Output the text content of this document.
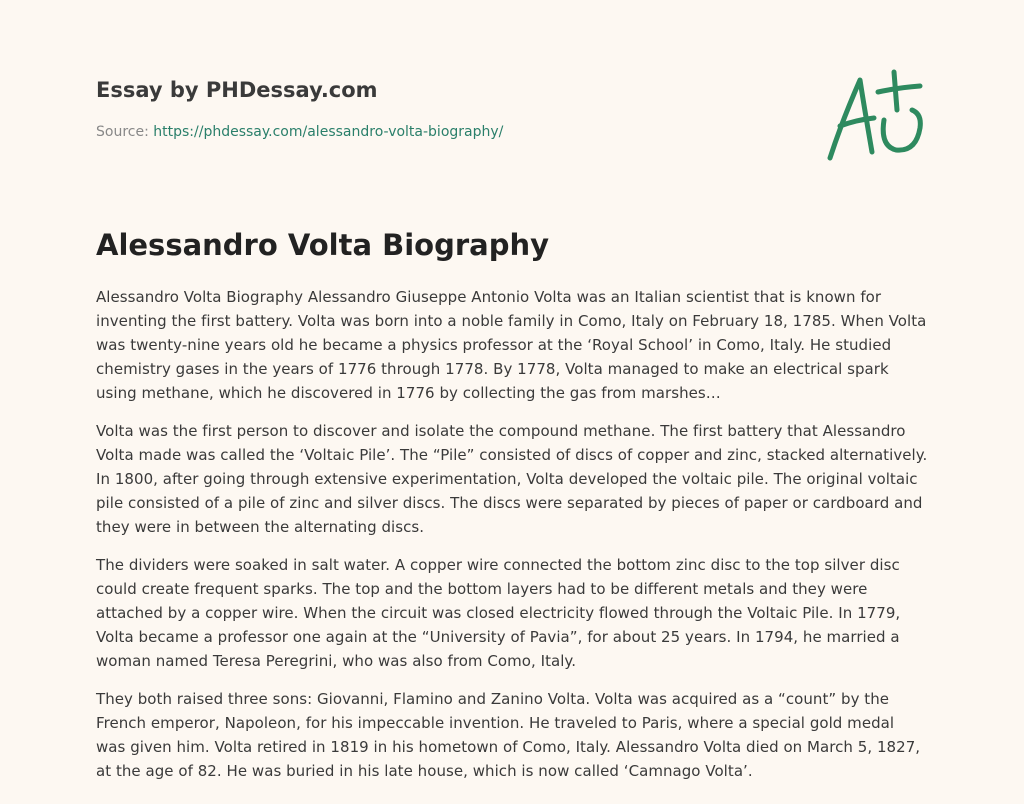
Essay by PHDessay.com
Source: https://phdessay.com/alessandro-volta-biography/
Alessandro Volta Biography

Alessandro Volta Biography Alessandro Giuseppe Antonio Volta was an Italian scientist that is known for inventing the first battery. Volta was born into a noble family in Como, Italy on February 18, 1785. When Volta was twenty-nine years old he became a physics professor at the ‘Royal School’ in Como, Italy. He studied chemistry gases in the years of 1776 through 1778. By 1778, Volta managed to make an electrical spark using methane, which he discovered in 1776 by collecting the gas from marshes…

Volta was the first person to discover and isolate the compound methane. The first battery that Alessandro Volta made was called the ‘Voltaic Pile’. The “Pile” consisted of discs of copper and zinc, stacked alternatively. In 1800, after going through extensive experimentation, Volta developed the voltaic pile. The original voltaic pile consisted of a pile of zinc and silver discs. The discs were separated by pieces of paper or cardboard and they were in between the alternating discs.

The dividers were soaked in salt water. A copper wire connected the bottom zinc disc to the top silver disc could create frequent sparks. The top and the bottom layers had to be different metals and they were attached by a copper wire. When the circuit was closed electricity flowed through the Voltaic Pile. In 1779, Volta became a professor one again at the “University of Pavia”, for about 25 years. In 1794, he married a woman named Teresa Peregrini, who was also from Como, Italy.

They both raised three sons: Giovanni, Flamino and Zanino Volta. Volta was acquired as a “count” by the French emperor, Napoleon, for his impeccable invention. He traveled to Paris, where a special gold medal was given him. Volta retired in 1819 in his hometown of Como, Italy. Alessandro Volta died on March 5, 1827, at the age of 82. He was buried in his late house, which is now called ‘Camnago Volta’.
